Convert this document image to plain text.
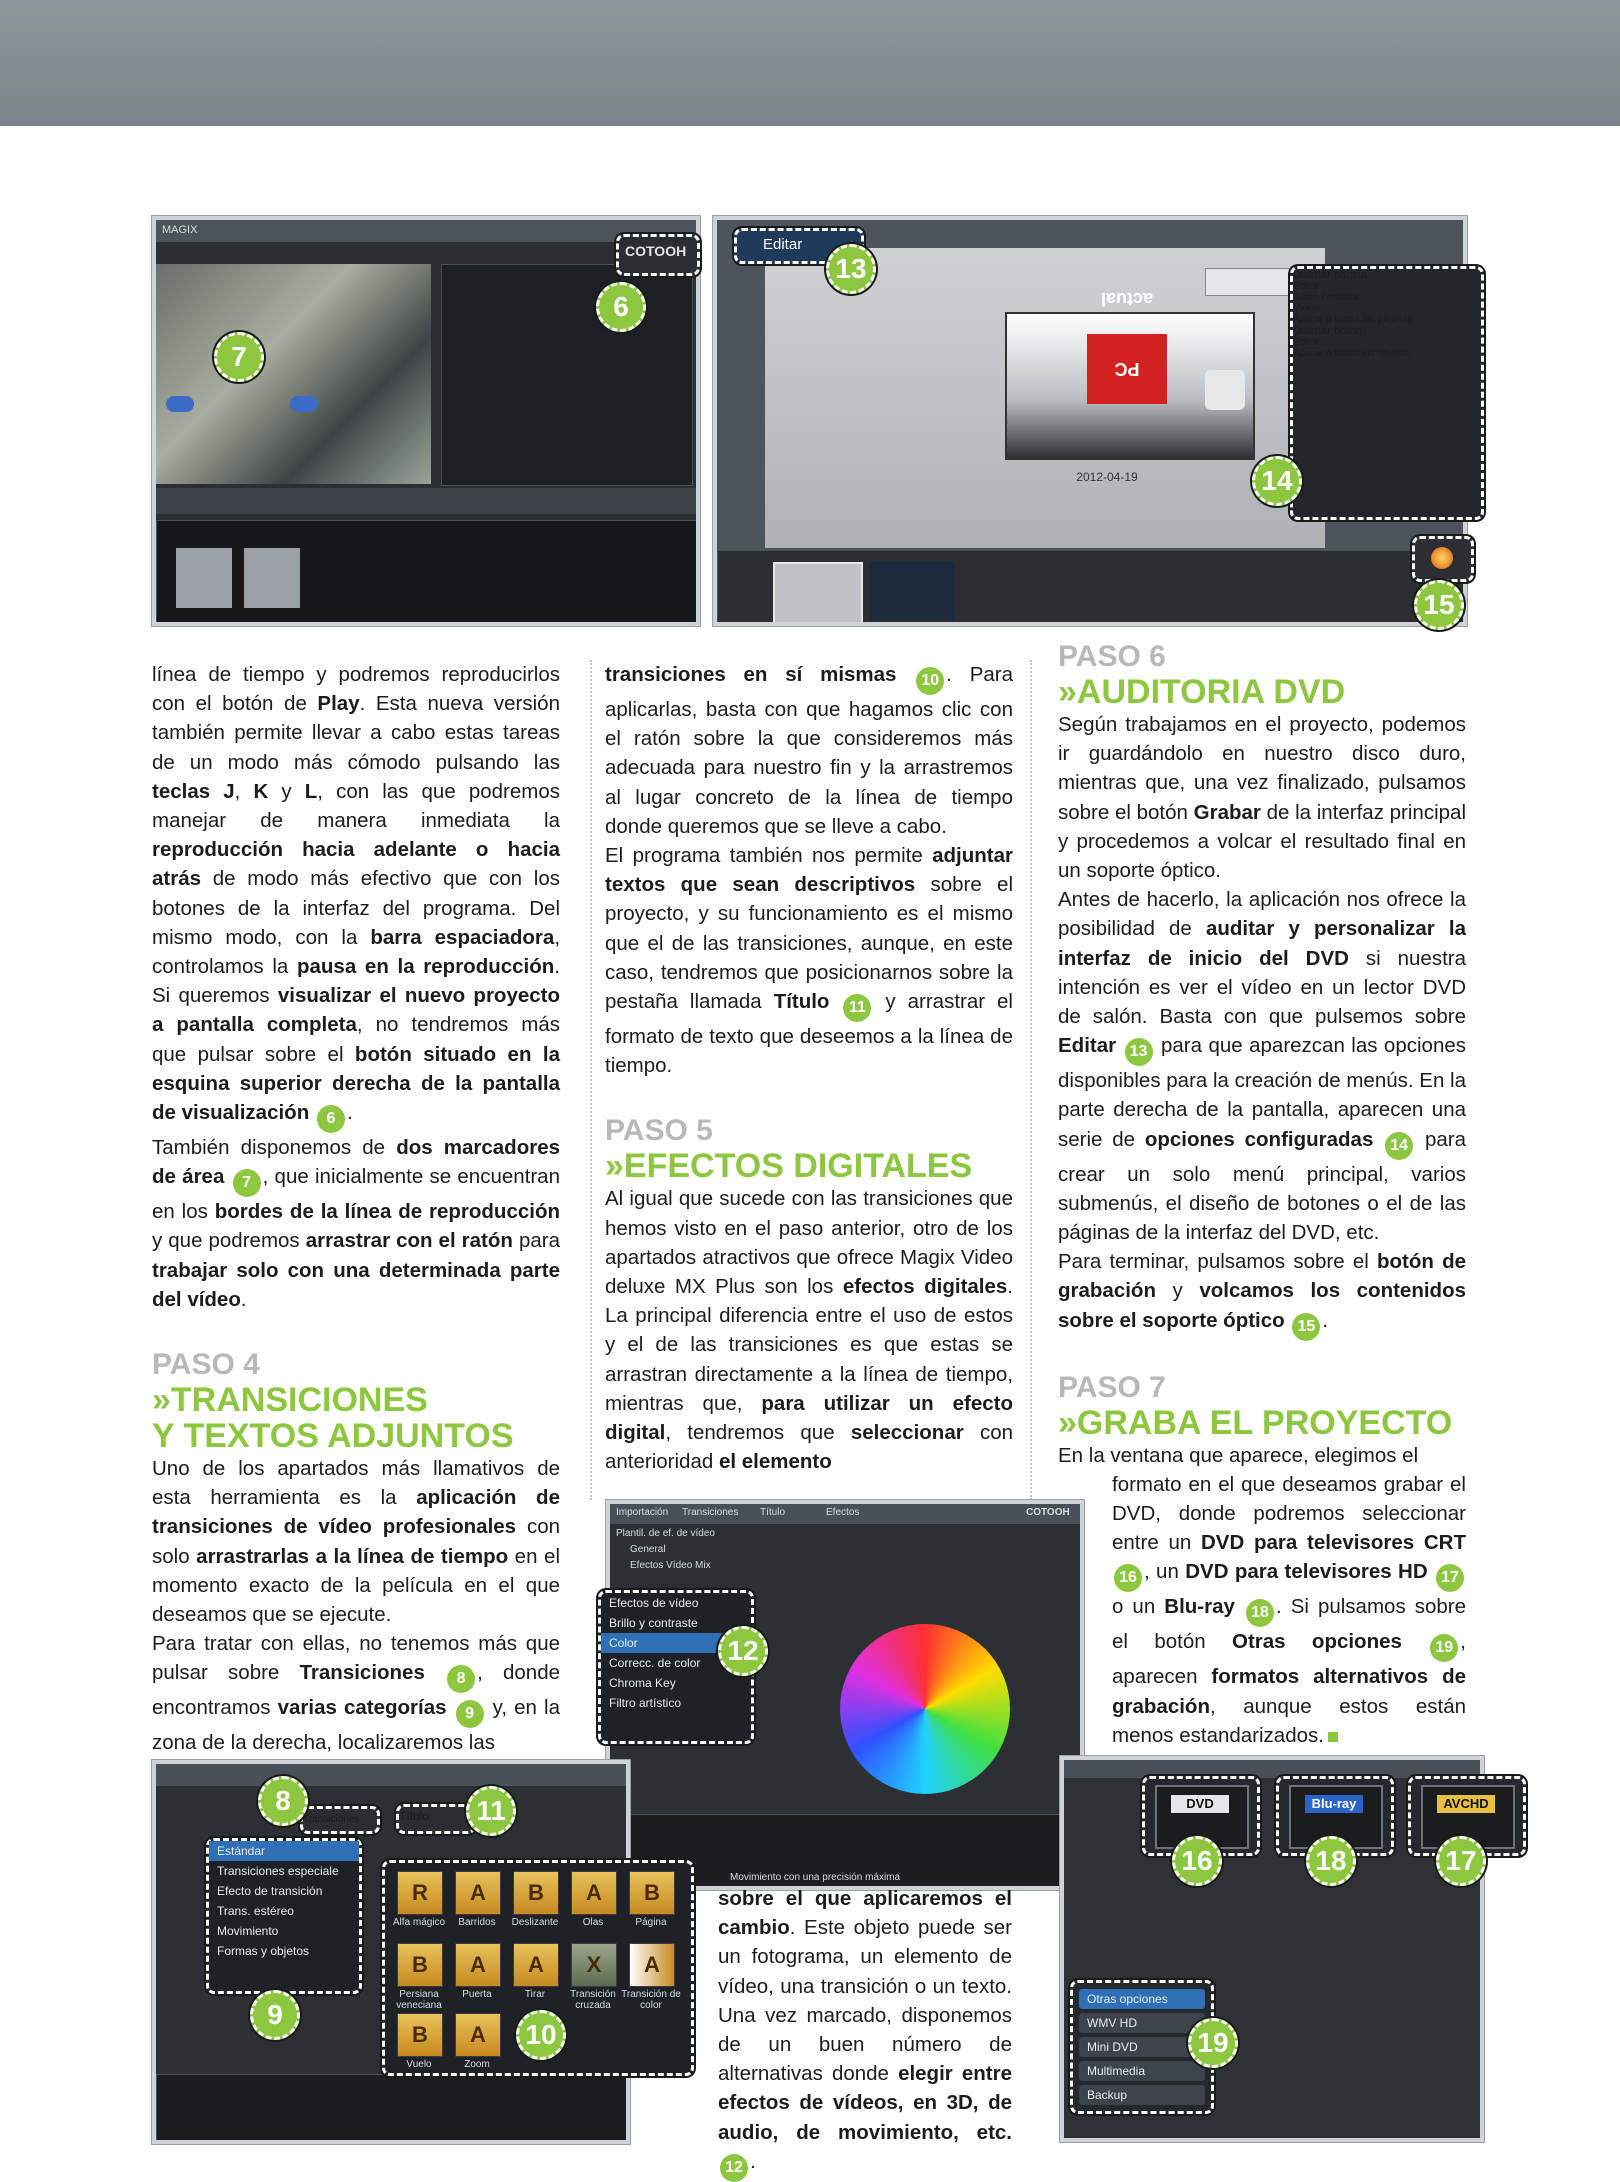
MAGIX
COTOOH
6
7	PC actual
2012-04-19
Editar
Diseñar página
Editar
Audio / música
Vídeo
Aplicar a todas las páginas
Diseñar botón
Editar
Aplicar a todos los objetos
13
14
15

línea de tiempo y podremos reproducirlos con el botón de Play. Esta nueva versión también permite llevar a cabo estas tareas de un modo más cómodo pulsando las teclas J, K y L, con las que podremos manejar de manera inmediata la reproducción hacia adelante o hacia atrás de modo más efectivo que con los botones de la interfaz del programa. Del mismo modo, con la barra espaciadora, controlamos la pausa en la reproducción. Si queremos visualizar el nuevo proyecto a pantalla completa, no tendremos más que pulsar sobre el botón situado en la esquina superior derecha de la pantalla de visualización 6 .

También disponemos de dos marcadores de área 7 , que inicialmente se encuentran en los bordes de la línea de reproducción y que podremos arrastrar con el ratón para trabajar solo con una determinada parte del vídeo.

PASO 4

»TRANSICIONES
Y TEXTOS ADJUNTOS

Uno de los apartados más llamativos de esta herramienta es la aplicación de transiciones de vídeo profesionales con solo arrastrarlas a la línea de tiempo en el momento exacto de la película en el que deseamos que se ejecute.

Para tratar con ellas, no tenemos más que pulsar sobre Transiciones 8 , donde encontramos varias categorías 9 y, en la zona de la derecha, localizaremos las

transiciones en sí mismas 10 . Para aplicarlas, basta con que hagamos clic con el ratón sobre la que consideremos más adecuada para nuestro fin y la arrastremos al lugar concreto de la línea de tiempo donde queremos que se lleve a cabo.

El programa también nos permite adjuntar textos que sean descriptivos sobre el proyecto, y su funcionamiento es el mismo que el de las transiciones, aunque, en este caso, tendremos que posicionarnos sobre la pestaña llamada Título 11 y arrastrar el formato de texto que deseemos a la línea de tiempo.

PASO 5

»EFECTOS DIGITALES

Al igual que sucede con las transiciones que hemos visto en el paso anterior, otro de los apartados atractivos que ofrece Magix Video deluxe MX Plus son los efectos digitales. La principal diferencia entre el uso de estos y el de las transiciones es que estas se arrastran directamente a la línea de tiempo, mientras que, para utilizar un efecto digital, tendremos que seleccionar con anterioridad el elemento

PASO 6

»AUDITORIA DVD

Según trabajamos en el proyecto, podemos ir guardándolo en nuestro disco duro, mientras que, una vez finalizado, pulsamos sobre el botón Grabar de la interfaz principal y procedemos a volcar el resultado final en un soporte óptico.

Antes de hacerlo, la aplicación nos ofrece la posibilidad de auditar y personalizar la interfaz de inicio del DVD si nuestra intención es ver el vídeo en un lector DVD de salón. Basta con que pulsemos sobre Editar 13 para que aparezcan las opciones disponibles para la creación de menús. En la parte derecha de la pantalla, aparecen una serie de opciones configuradas 14 para crear un solo menú principal, varios submenús, el diseño de botones o el de las páginas de la interfaz del DVD, etc.

Para terminar, pulsamos sobre el botón de grabación y volcamos los contenidos sobre el soporte óptico 15 .

PASO 7

»GRABA EL PROYECTO

En la ventana que aparece, elegimos el

formato en el que deseamos grabar el DVD, donde podremos seleccionar entre un DVD para televisores CRT 16 , un DVD para televisores HD 17 o un Blu-ray 18 . Si pulsamos sobre el botón Otras opciones 19 , aparecen formatos alternativos de grabación, aunque estos están menos estandarizados.

Importación Transiciones Título	Efectos	COTOOH
Plantil. de ef. de vídeo
General
Efectos Vídeo Mix
Movimiento con una precisión máxima
Efectos de vídeo
Brillo y contraste
Color
Correcc. de color
Chroma Key
Filtro artístico
12
Transiciones	Título
8	11
Estándar
Transiciones especiale
Efecto de transición
Trans. estéreo
Movimiento
Formas y objetos
9
R
Alfa mágico
A
Barridos
B
Deslizante
A
Olas
B
Página
B
Persiana veneciana
A
Puerta
A
Tirar
X
Transición cruzada
A
Transición de color
B
Vuelo
A
Zoom
10

sobre el que aplicaremos el cambio. Este objeto puede ser un fotograma, un elemento de vídeo, una transición o un texto. Una vez marcado, disponemos de un buen número de alternativas donde elegir entre efectos de vídeos, en 3D, de audio, de movimiento, etc. 12 .

DVD	Blu-ray	AVCHD
16	18	17
Otras opciones
WMV HD
Mini DVD
Multimedia
Backup
19
